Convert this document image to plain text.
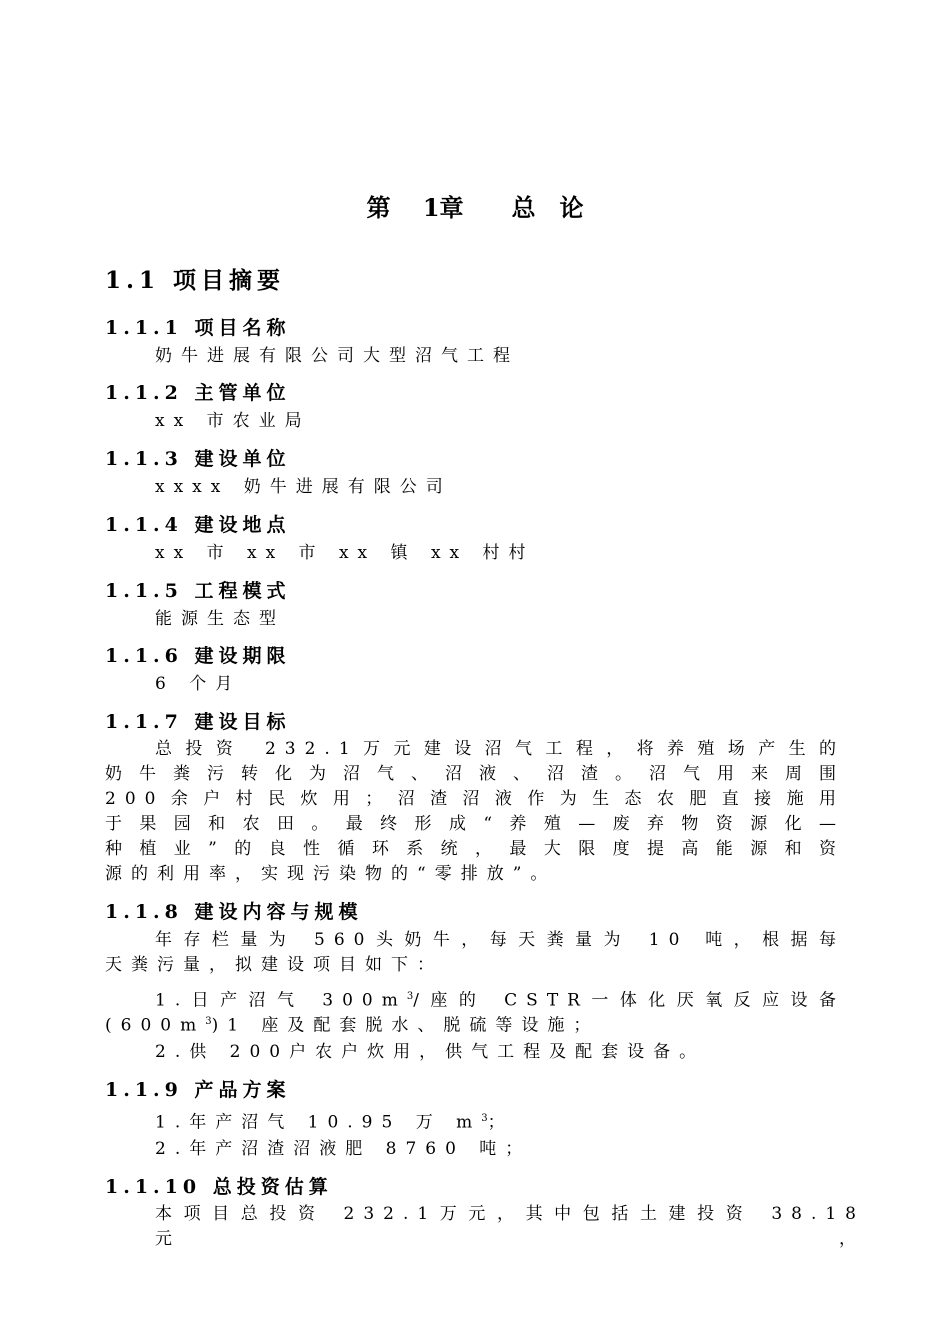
第 1章　　总　论
1.1 项目摘要
1.1.1 项目名称
奶牛进展有限公司大型沼气工程
1.1.2 主管单位
xx 市农业局
1.1.3 建设单位
xxxx 奶牛进展有限公司
1.1.4 建设地点
xx 市 xx 市 xx 镇 xx 村村
1.1.5 工程模式
能源生态型
1.1.6 建设期限
6 个月
1.1.7 建设目标
总投资 232.1万元建设沼气工程，将养殖场产生的
奶牛粪污转化为沼气、沼液、沼渣。沼气用来周围
200余户村民炊用；沼渣沼液作为生态农肥直接施用
于果园和农田。最终形成“养殖—废弃物资源化—
种植业”的良性循环系统，最大限度提高能源和资
源的利用率，实现污染物的“零排放”。
1.1.8 建设内容与规模
年存栏量为 560头奶牛，每天粪量为 10 吨，根据每
天粪污量，拟建设项目如下：
1.日产沼气 $300m^3/$座的 CSTR一体化厌氧反应设备
$(600m^3)1$ 座及配套脱水、脱硫等设施；
2.供 200户农户炊用，供气工程及配套设备。
1.1.9 产品方案
1.年产沼气 10.95 万 $m^3$；
2.年产沼渣沼液肥 8760 吨；
1.1.10 总投资估算
本项目总投资 232.1万元，其中包括土建投资 38.18元，
